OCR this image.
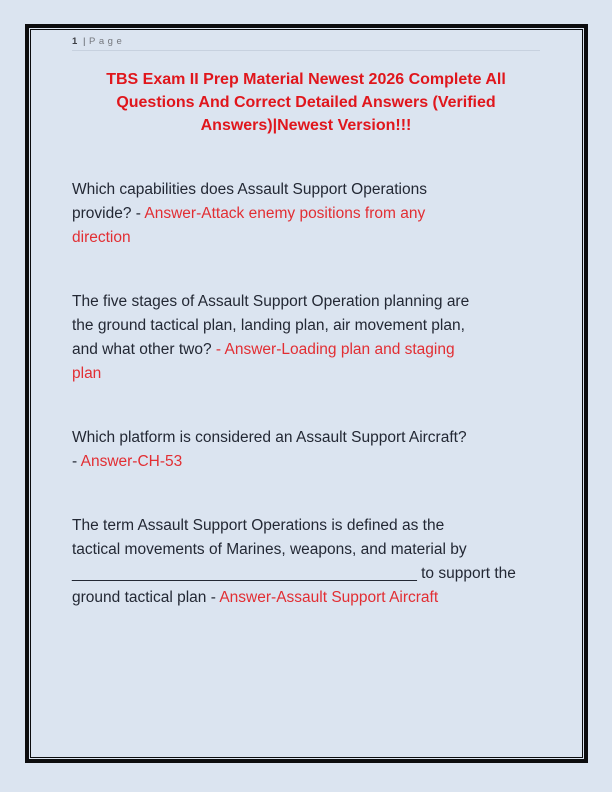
1 | Page
TBS Exam II Prep Material Newest 2026 Complete All
Questions And Correct Detailed Answers (Verified
Answers)|Newest Version!!!
Which capabilities does Assault Support Operations
provide? - Answer-Attack enemy positions from any
direction
The five stages of Assault Support Operation planning are
the ground tactical plan, landing plan, air movement plan,
and what other two? - Answer-Loading plan and staging
plan
Which platform is considered an Assault Support Aircraft?
- Answer-CH-53
The term Assault Support Operations is defined as the
tactical movements of Marines, weapons, and material by
________________________________________ to support the
ground tactical plan - Answer-Assault Support Aircraft
